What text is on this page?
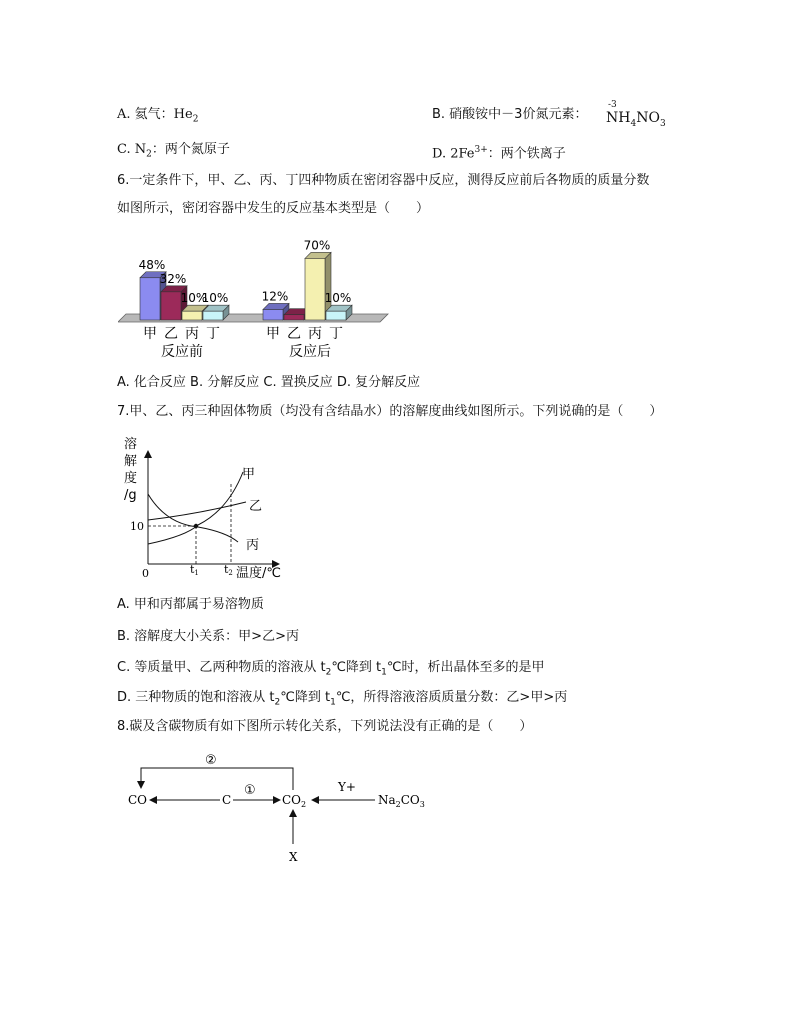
A. 氦气：$He_2$	B. 硝酸铵中－3价氮元素：
-3
$NH_4NO_3$
C. $N_2$：两个氮原子	D. $2Fe^{3+}$：两个铁离子
6.一定条件下，甲、乙、丙、丁四种物质在密闭容器中反应，测得反应前后各物质的质量分数
如图所示，密闭容器中发生的反应基本类型是（　　）
48%
32%
10%
10%	12%
70%
10%
甲 乙 丙 丁	甲 乙 丙 丁
反应前	反应后
A. 化合反应 B. 分解反应 C. 置换反应 D. 复分解反应
7.甲、乙、丙三种固体物质（均没有含结晶水）的溶解度曲线如图所示。下列说确的是（　　）
溶
解
度
/g
0
10
甲
乙
丙
t1 t2 温度/℃
A. 甲和丙都属于易溶物质
B. 溶解度大小关系：甲>乙>丙
C. 等质量甲、乙两种物质的溶液从 $t_2℃$降到 $t_1℃$时，析出晶体至多的是甲
D. 三种物质的饱和溶液从 $t_2℃$降到 $t_1℃$，所得溶液溶质质量分数：乙>甲>丙
8.碳及含碳物质有如下图所示转化关系，下列说法没有正确的是（　　）
②
①	Y+
CO	C	$CO_2$	$Na_2CO_3$
X
